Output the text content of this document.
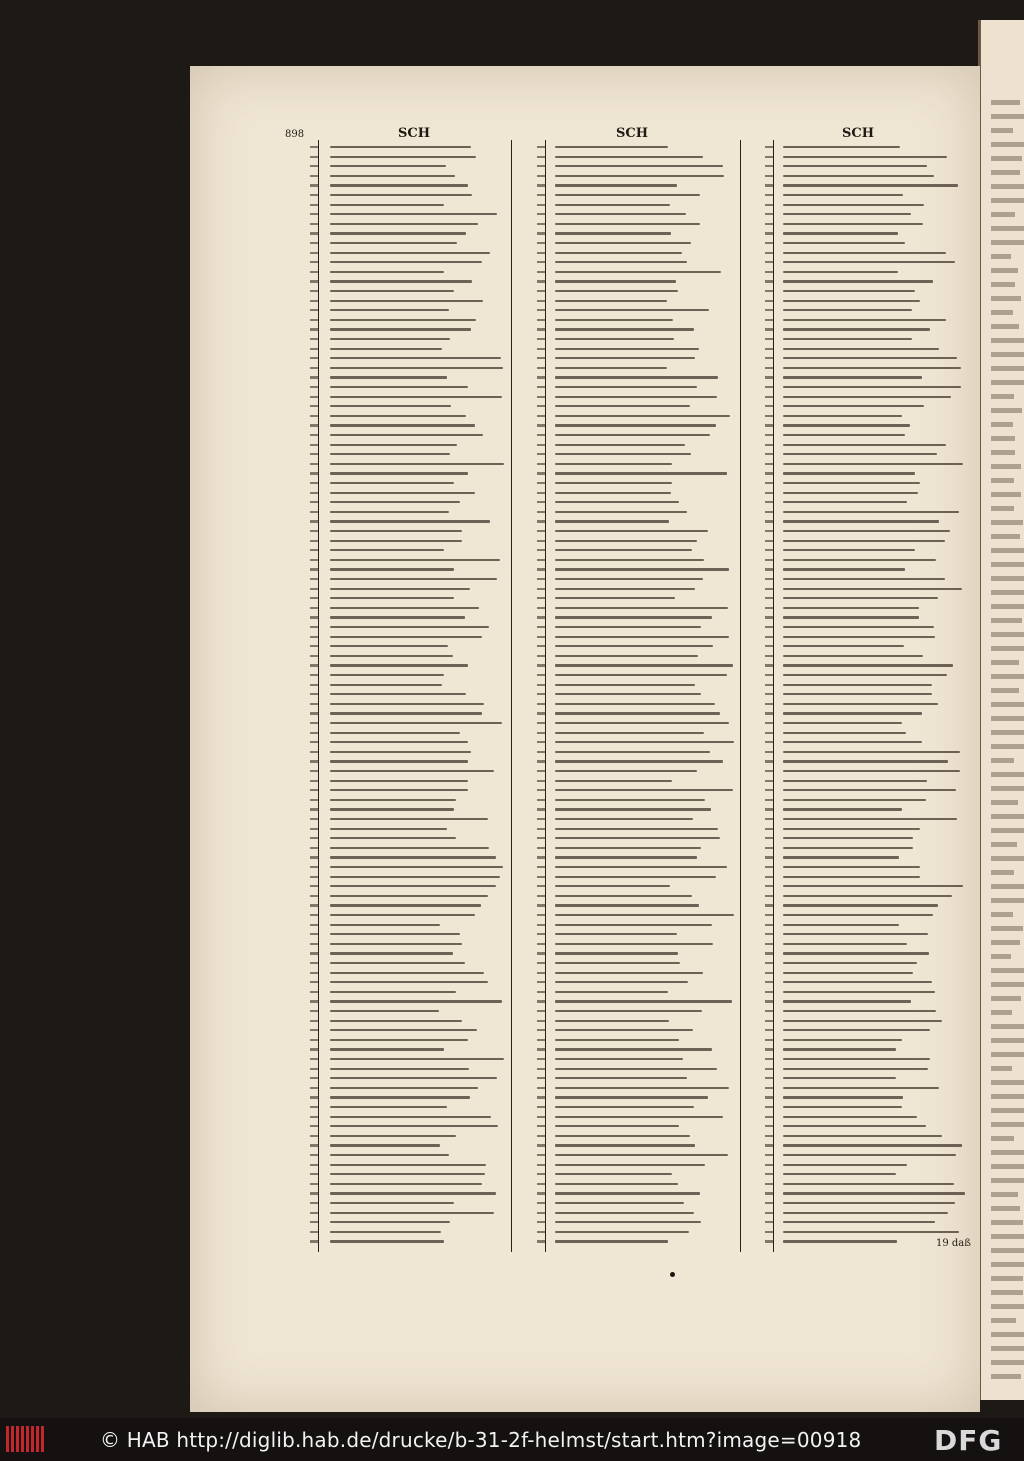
898	SCH	SCH	SCH
19 daß
© HAB http://diglib.hab.de/drucke/b-31-2f-helmst/start.htm?image=00918	DFG
